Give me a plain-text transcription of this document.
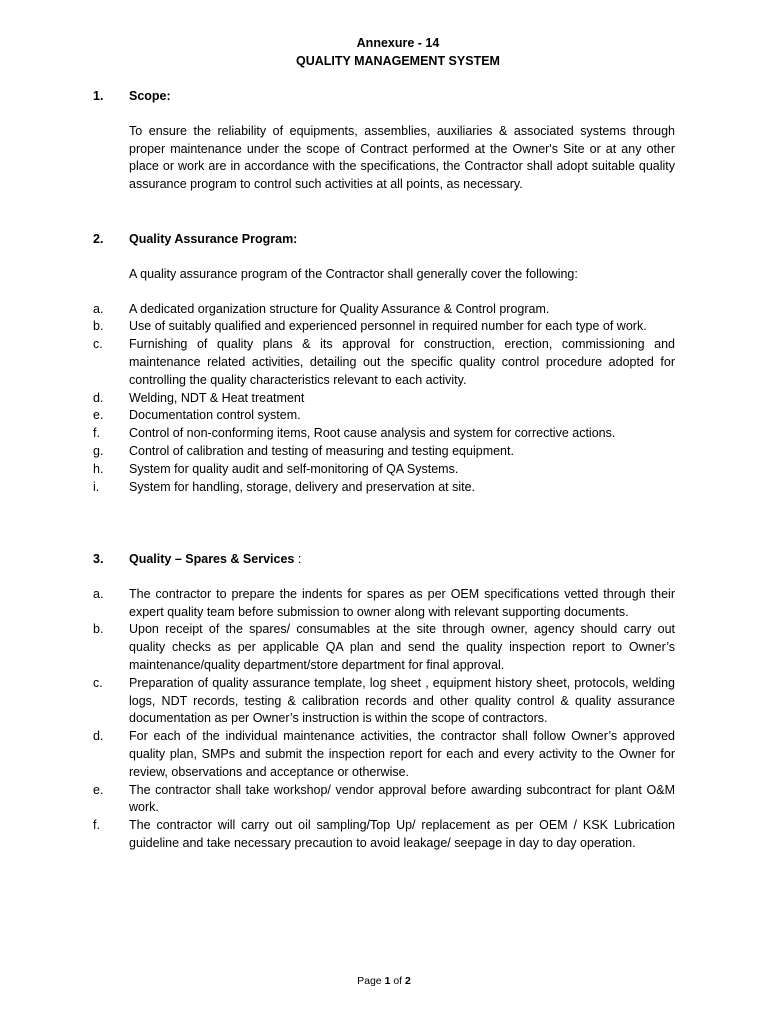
Annexure - 14
QUALITY MANAGEMENT SYSTEM
1. Scope:

To ensure the reliability of equipments, assemblies, auxiliaries & associated systems through proper maintenance under the scope of Contract performed at the Owner's Site or at any other place or work are in accordance with the specifications, the Contractor shall adopt suitable quality assurance program to control such activities at all points, as necessary.

2. Quality Assurance Program:

A quality assurance program of the Contractor shall generally cover the following:

a.	A dedicated organization structure for Quality Assurance & Control program.
b.	Use of suitably qualified and experienced personnel in required number for each type of work.
c.	Furnishing of quality plans & its approval for construction, erection, commissioning and maintenance related activities, detailing out the specific quality control procedure adopted for controlling the quality characteristics relevant to each activity.
d.	Welding, NDT & Heat treatment
e.	Documentation control system.
f.	Control of non-conforming items, Root cause analysis and system for corrective actions.
g.	Control of calibration and testing of measuring and testing equipment.
h.	System for quality audit and self-monitoring of QA Systems.
i.	System for handling, storage, delivery and preservation at site.
3. Quality – Spares & Services :
a.	The contractor to prepare the indents for spares as per OEM specifications vetted through their expert quality team before submission to owner along with relevant supporting documents.
b.	Upon receipt of the spares/ consumables at the site through owner, agency should carry out quality checks as per applicable QA plan and send the quality inspection report to Owner’s maintenance/quality department/store department for final approval.
c.	Preparation of quality assurance template, log sheet , equipment history sheet, protocols, welding logs, NDT records, testing & calibration records and other quality control & quality assurance documentation as per Owner’s instruction is within the scope of contractors.
d.	For each of the individual maintenance activities, the contractor shall follow Owner’s approved quality plan, SMPs and submit the inspection report for each and every activity to the Owner for review, observations and acceptance or otherwise.
e.	The contractor shall take workshop/ vendor approval before awarding subcontract for plant O&M work.
f.	The contractor will carry out oil sampling/Top Up/ replacement as per OEM / KSK Lubrication guideline and take necessary precaution to avoid leakage/ seepage in day to day operation.
Page 1 of 2
